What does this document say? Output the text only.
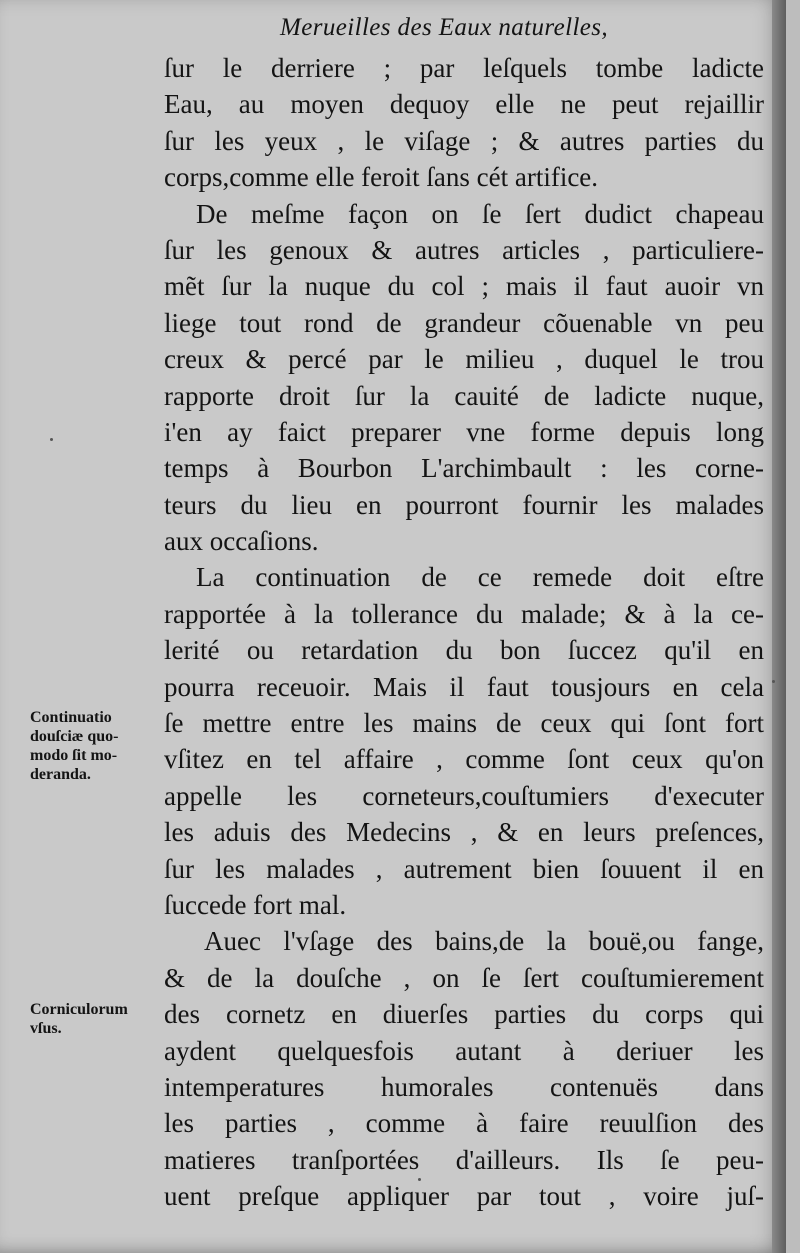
Merueilles des Eaux naturelles,
ſur le derriere ; par leſquels tombe ladicte
Eau, au moyen dequoy elle ne peut rejaillir
ſur les yeux , le viſage ; & autres parties du
corps,comme elle feroit ſans cét artifice.
De meſme façon on ſe ſert dudict chapeau
ſur les genoux & autres articles , particuliere-
mẽt ſur la nuque du col ; mais il faut auoir vn
liege tout rond de grandeur cõuenable vn peu
creux & percé par le milieu , duquel le trou
rapporte droit ſur la cauité de ladicte nuque,
i'en ay faict preparer vne forme depuis long
temps à Bourbon L'archimbault : les corne-
teurs du lieu en pourront fournir les malades
aux occaſions.
La continuation de ce remede doit eſtre
rapportée à la tollerance du malade; & à la ce-
lerité ou retardation du bon ſuccez qu'il en
pourra receuoir. Mais il faut tousjours en cela
ſe mettre entre les mains de ceux qui ſont fort
vſitez en tel affaire , comme ſont ceux qu'on
appelle les corneteurs,couſtumiers d'executer
les aduis des Medecins , & en leurs preſences,
ſur les malades , autrement bien ſouuent il en
ſuccede fort mal.
Auec l'vſage des bains,de la bouë,ou fange,
& de la douſche , on ſe ſert couſtumierement
des cornetz en diuerſes parties du corps qui
aydent quelquesfois autant à deriuer les
intemperatures humorales contenuës dans
les parties , comme à faire reuulſion des
matieres tranſportées d'ailleurs. Ils ſe peu-
uent preſque appliquer par tout , voire juſ-
Continuatio
douſciæ quo-
modo ſit mo-
deranda.
Corniculorum
vſus.
